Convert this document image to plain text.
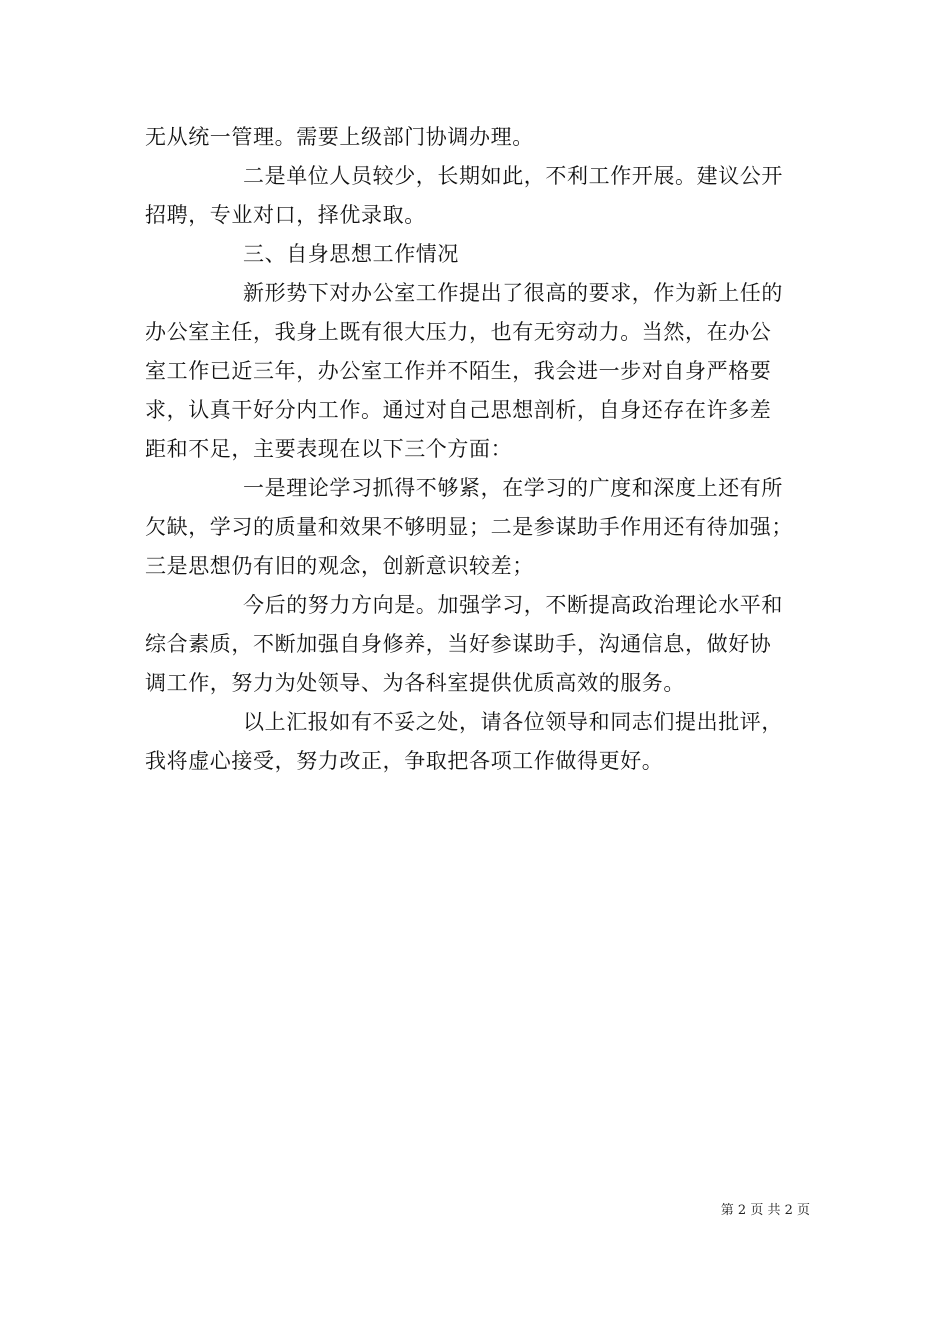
无从统一管理。需要上级部门协调办理。
二是单位人员较少，长期如此，不利工作开展。建议公开
招聘，专业对口，择优录取。
三、自身思想工作情况
新形势下对办公室工作提出了很高的要求，作为新上任的
办公室主任，我身上既有很大压力，也有无穷动力。当然，在办公
室工作已近三年，办公室工作并不陌生，我会进一步对自身严格要
求，认真干好分内工作。通过对自己思想剖析，自身还存在许多差
距和不足，主要表现在以下三个方面：
一是理论学习抓得不够紧，在学习的广度和深度上还有所
欠缺，学习的质量和效果不够明显；二是参谋助手作用还有待加强；
三是思想仍有旧的观念，创新意识较差；
今后的努力方向是。加强学习，不断提高政治理论水平和
综合素质，不断加强自身修养，当好参谋助手，沟通信息，做好协
调工作，努力为处领导、为各科室提供优质高效的服务。
以上汇报如有不妥之处，请各位领导和同志们提出批评，
我将虚心接受，努力改正，争取把各项工作做得更好。
第 2 页 共 2 页
